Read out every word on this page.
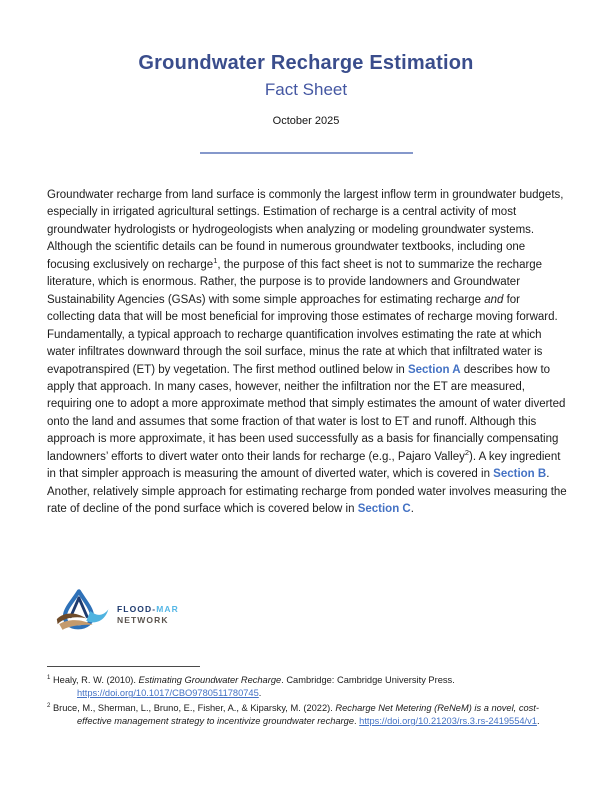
Groundwater Recharge Estimation
Fact Sheet
October 2025

Groundwater recharge from land surface is commonly the largest inflow term in groundwater budgets, especially in irrigated agricultural settings. Estimation of recharge is a central activity of most groundwater hydrologists or hydrogeologists when analyzing or modeling groundwater systems. Although the scientific details can be found in numerous groundwater textbooks, including one focusing exclusively on recharge$^1$, the purpose of this fact sheet is not to summarize the recharge literature, which is enormous. Rather, the purpose is to provide landowners and Groundwater Sustainability Agencies (GSAs) with some simple approaches for estimating recharge and for collecting data that will be most beneficial for improving those estimates of recharge moving forward.

Fundamentally, a typical approach to recharge quantification involves estimating the rate at which water infiltrates downward through the soil surface, minus the rate at which that infiltrated water is evapotranspired (ET) by vegetation. The first method outlined below in Section A describes how to apply that approach. In many cases, however, neither the infiltration nor the ET are measured, requiring one to adopt a more approximate method that simply estimates the amount of water diverted onto the land and assumes that some fraction of that water is lost to ET and runoff. Although this approach is more approximate, it has been used successfully as a basis for financially compensating landowners’ efforts to divert water onto their lands for recharge (e.g., Pajaro Valley$^2$). A key ingredient in that simpler approach is measuring the amount of diverted water, which is covered in Section B. Another, relatively simple approach for estimating recharge from ponded water involves measuring the rate of decline of the pond surface which is covered below in Section C.

FLOOD-MAR
NETWORK

$^1$ Healy, R. W. (2010). Estimating Groundwater Recharge. Cambridge: Cambridge University Press. https://doi.org/10.1017/CBO9780511780745.

$^2$ Bruce, M., Sherman, L., Bruno, E., Fisher, A., & Kiparsky, M. (2022). Recharge Net Metering (ReNeM) is a novel, cost-effective management strategy to incentivize groundwater recharge. https://doi.org/10.21203/rs.3.rs-2419554/v1.
